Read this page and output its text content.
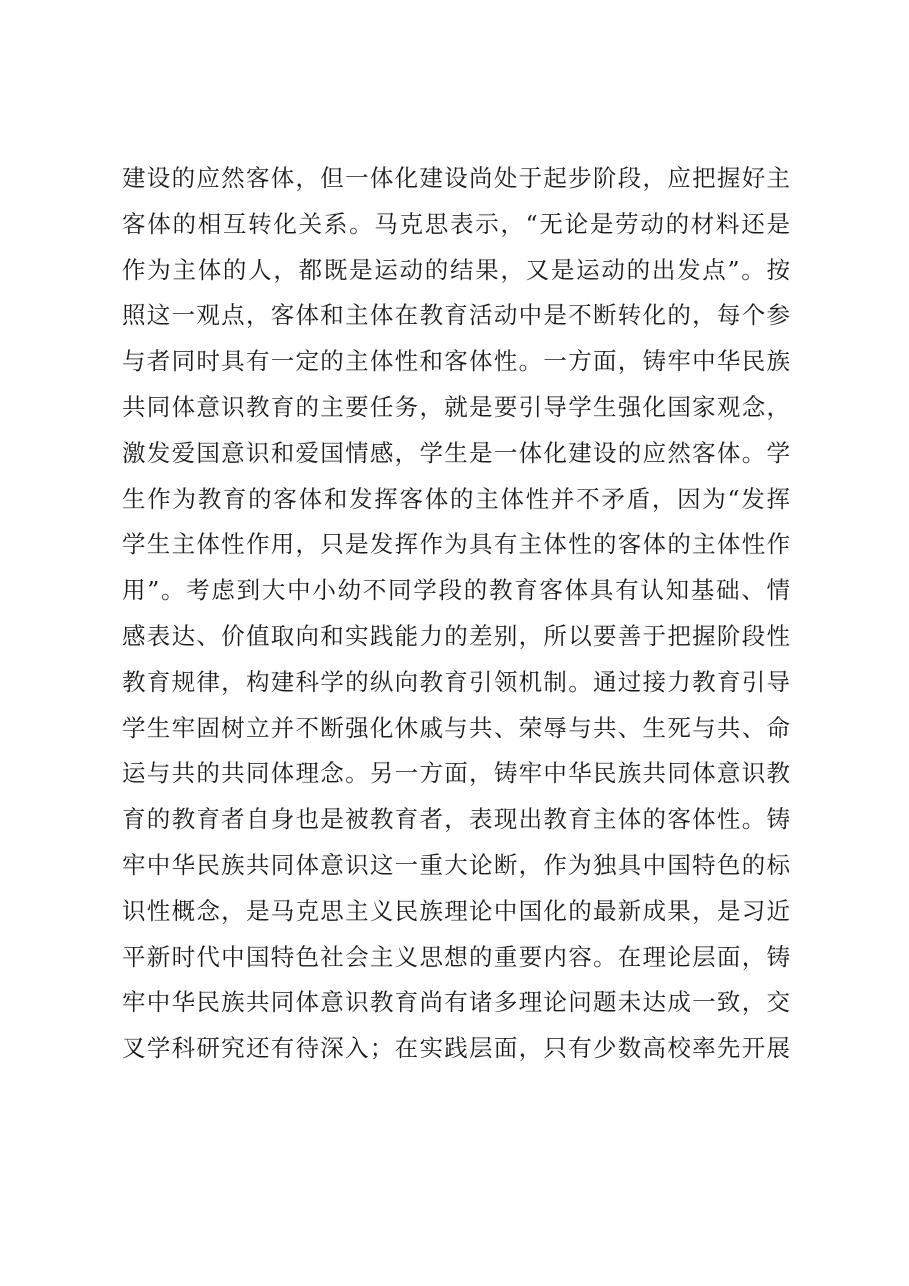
建设的应然客体，但一体化建设尚处于起步阶段，应把握好主
客体的相互转化关系。马克思表示，“无论是劳动的材料还是
作为主体的人，都既是运动的结果，又是运动的出发点”。按
照这一观点，客体和主体在教育活动中是不断转化的，每个参
与者同时具有一定的主体性和客体性。一方面，铸牢中华民族
共同体意识教育的主要任务，就是要引导学生强化国家观念，
激发爱国意识和爱国情感，学生是一体化建设的应然客体。学
生作为教育的客体和发挥客体的主体性并不矛盾，因为“发挥
学生主体性作用，只是发挥作为具有主体性的客体的主体性作
用”。考虑到大中小幼不同学段的教育客体具有认知基础、情
感表达、价值取向和实践能力的差别，所以要善于把握阶段性
教育规律，构建科学的纵向教育引领机制。通过接力教育引导
学生牢固树立并不断强化休戚与共、荣辱与共、生死与共、命
运与共的共同体理念。另一方面，铸牢中华民族共同体意识教
育的教育者自身也是被教育者，表现出教育主体的客体性。铸
牢中华民族共同体意识这一重大论断，作为独具中国特色的标
识性概念，是马克思主义民族理论中国化的最新成果，是习近
平新时代中国特色社会主义思想的重要内容。在理论层面，铸
牢中华民族共同体意识教育尚有诸多理论问题未达成一致，交
叉学科研究还有待深入；在实践层面，只有少数高校率先开展
